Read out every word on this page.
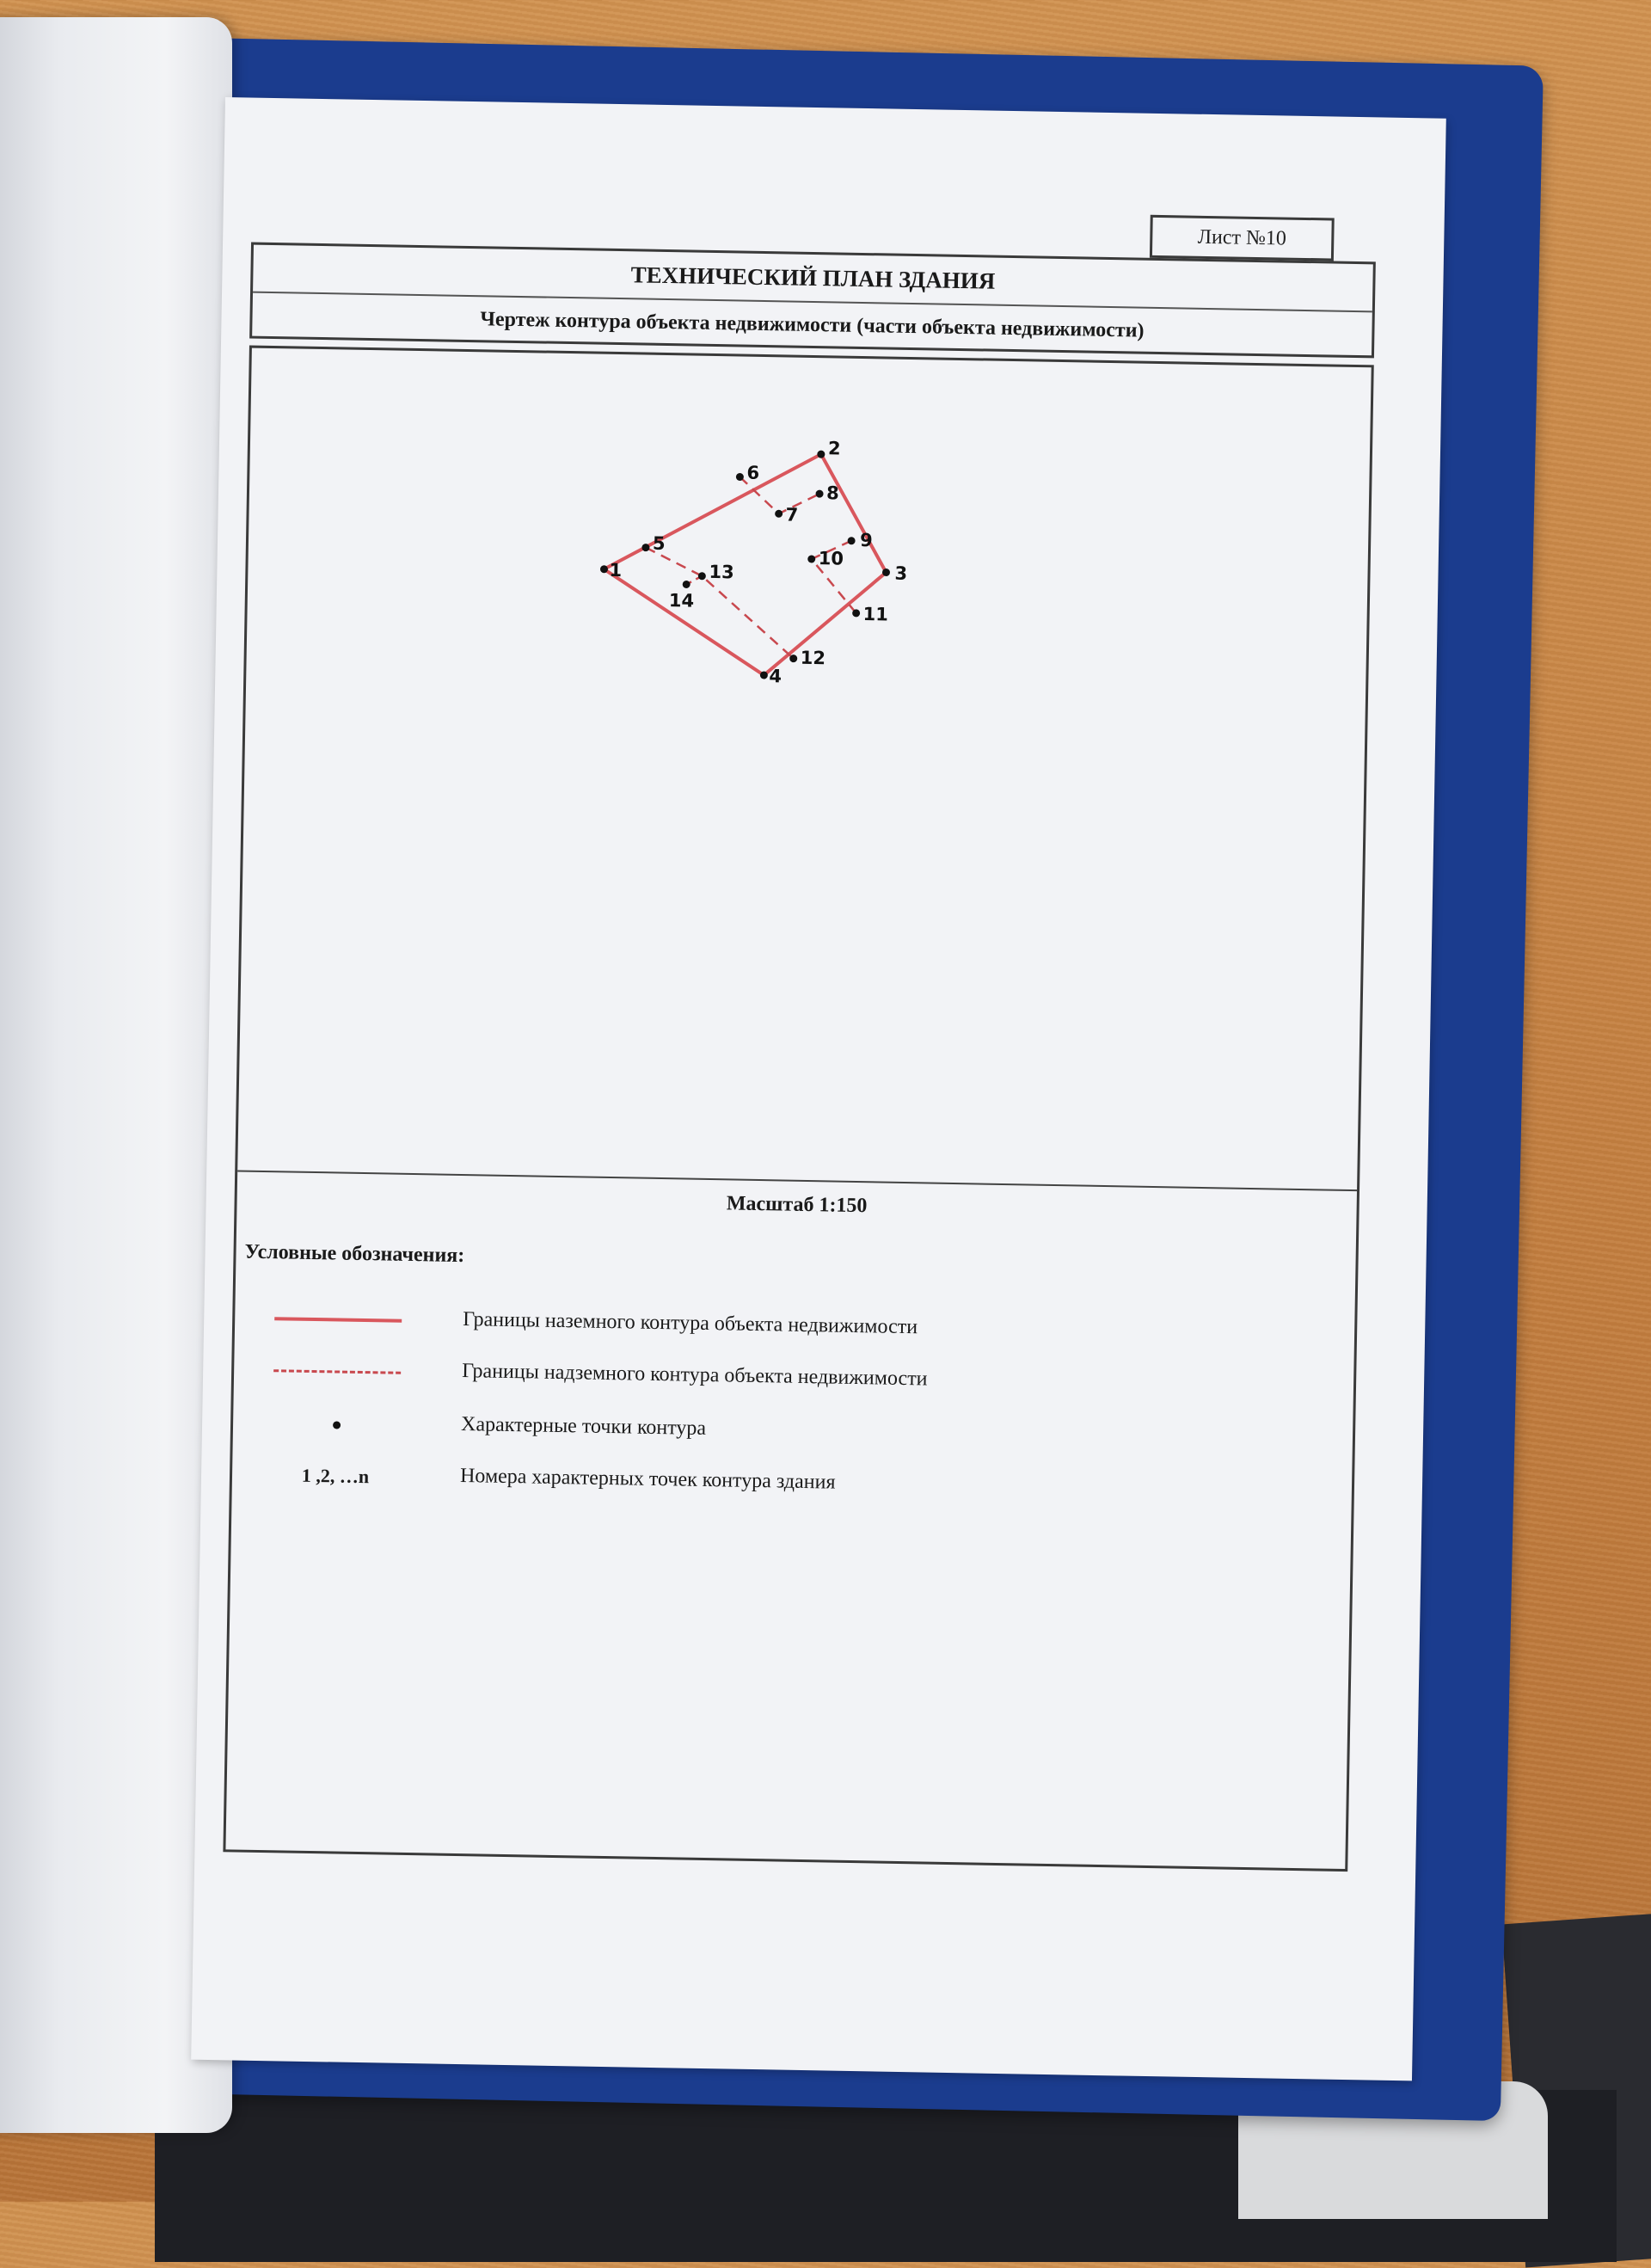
Лист №10
ТЕХНИЧЕСКИЙ ПЛАН ЗДАНИЯ
Чертеж контура объекта недвижимости (части объекта недвижимости)
1
2
3
4
5
6
7
8
9
10
11
12
13
14
Масштаб 1:150
Условные обозначения:
Границы наземного контура объекта недвижимости
Границы надземного контура объекта недвижимости
Характерные точки контура
1 ,2, …n	Номера характерных точек контура здания
